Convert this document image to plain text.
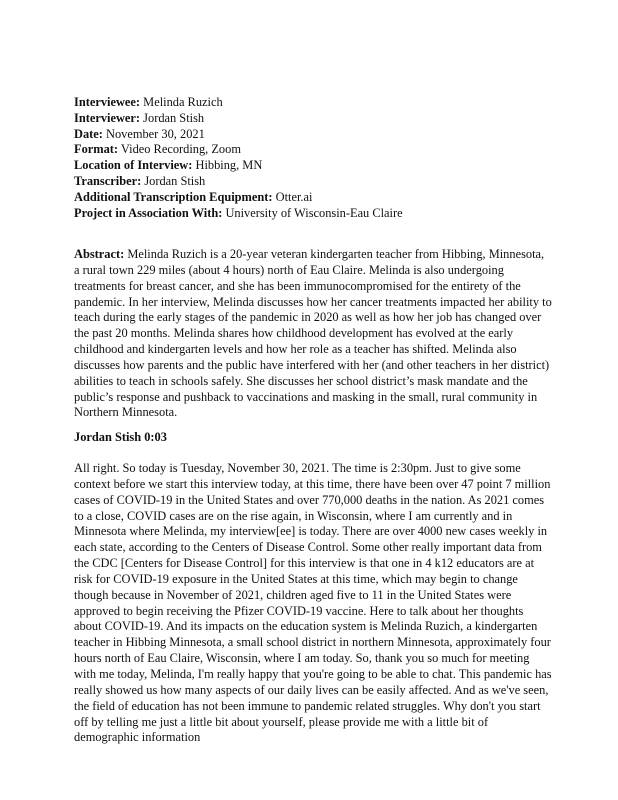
Interviewee: Melinda Ruzich
Interviewer: Jordan Stish
Date: November 30, 2021
Format: Video Recording, Zoom
Location of Interview: Hibbing, MN
Transcriber: Jordan Stish
Additional Transcription Equipment: Otter.ai
Project in Association With: University of Wisconsin-Eau Claire
Abstract: Melinda Ruzich is a 20-year veteran kindergarten teacher from Hibbing, Minnesota, a rural town 229 miles (about 4 hours) north of Eau Claire. Melinda is also undergoing treatments for breast cancer, and she has been immunocompromised for the entirety of the pandemic. In her interview, Melinda discusses how her cancer treatments impacted her ability to teach during the early stages of the pandemic in 2020 as well as how her job has changed over the past 20 months. Melinda shares how childhood development has evolved at the early childhood and kindergarten levels and how her role as a teacher has shifted. Melinda also discusses how parents and the public have interfered with her (and other teachers in her district) abilities to teach in schools safely. She discusses her school district’s mask mandate and the public’s response and pushback to vaccinations and masking in the small, rural community in Northern Minnesota.
Jordan Stish 0:03
All right. So today is Tuesday, November 30, 2021. The time is 2:30pm. Just to give some context before we start this interview today, at this time, there have been over 47 point 7 million cases of COVID-19 in the United States and over 770,000 deaths in the nation. As 2021 comes to a close, COVID cases are on the rise again, in Wisconsin, where I am currently and in Minnesota where Melinda, my interview[ee] is today. There are over 4000 new cases weekly in each state, according to the Centers of Disease Control. Some other really important data from the CDC [Centers for Disease Control] for this interview is that one in 4 k12 educators are at risk for COVID-19 exposure in the United States at this time, which may begin to change though because in November of 2021, children aged five to 11 in the United States were approved to begin receiving the Pfizer COVID-19 vaccine. Here to talk about her thoughts about COVID-19. And its impacts on the education system is Melinda Ruzich, a kindergarten teacher in Hibbing Minnesota, a small school district in northern Minnesota, approximately four hours north of Eau Claire, Wisconsin, where I am today. So, thank you so much for meeting with me today, Melinda, I'm really happy that you're going to be able to chat. This pandemic has really showed us how many aspects of our daily lives can be easily affected. And as we've seen, the field of education has not been immune to pandemic related struggles. Why don't you start off by telling me just a little bit about yourself, please provide me with a little bit of demographic information
